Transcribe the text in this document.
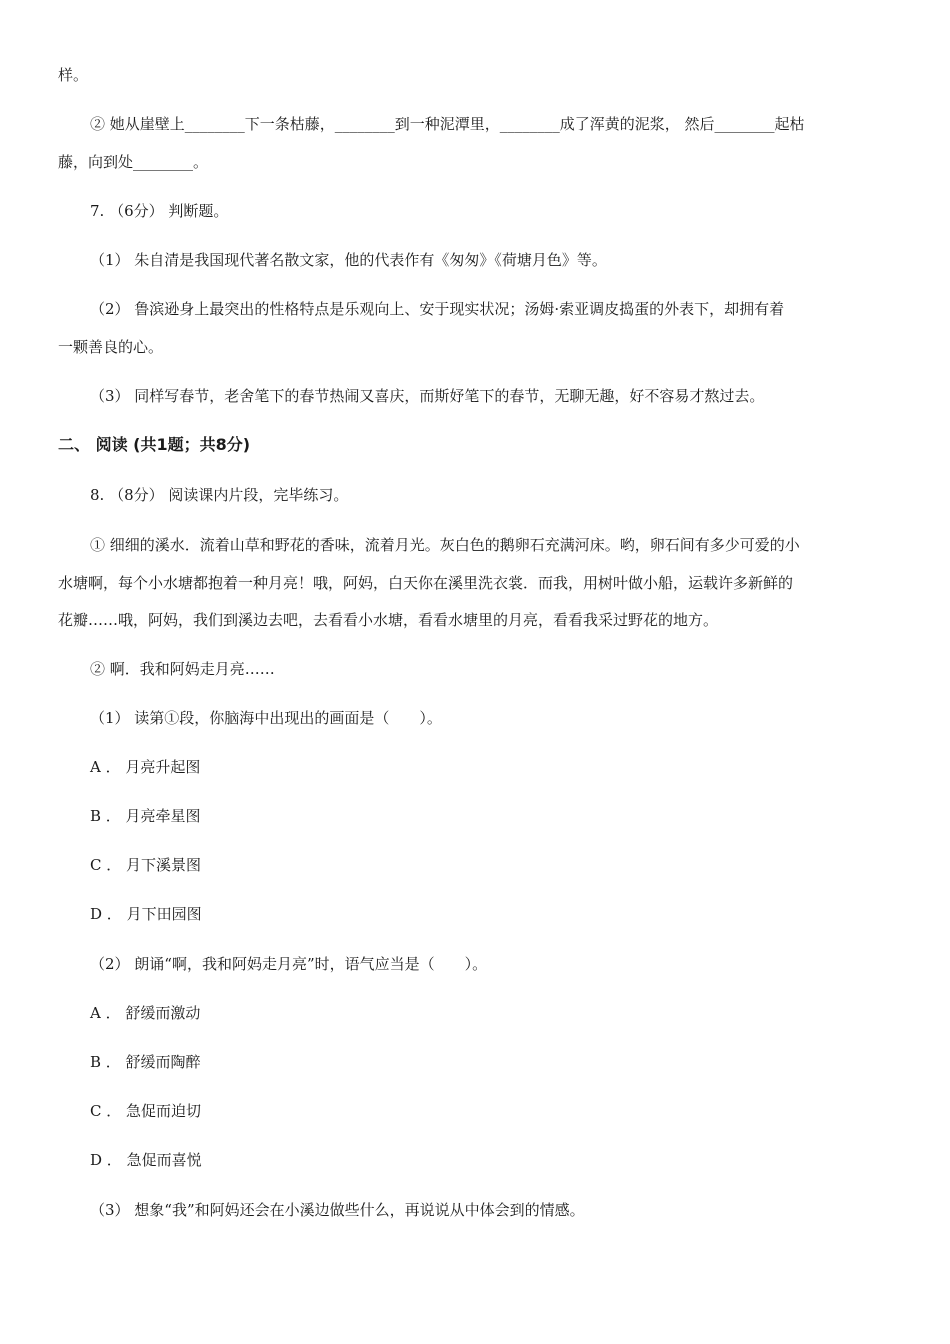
样。
② 她从崖壁上________下一条枯藤，________到一种泥潭里，________成了浑黄的泥浆， 然后________起枯
藤，向到处________。
7. （6分） 判断题。
（1） 朱自清是我国现代著名散文家，他的代表作有《匆匆》《荷塘月色》等。
（2） 鲁滨逊身上最突出的性格特点是乐观向上、安于现实状况；汤姆·索亚调皮捣蛋的外表下，却拥有着
一颗善良的心。
（3） 同样写春节，老舍笔下的春节热闹又喜庆，而斯妤笔下的春节，无聊无趣，好不容易才熬过去。
二、 阅读 (共1题；共8分)
8. （8分） 阅读课内片段，完毕练习。
① 细细的溪水．流着山草和野花的香味，流着月光。灰白色的鹅卵石充满河床。哟，卵石间有多少可爱的小
水塘啊，每个小水塘都抱着一种月亮！哦，阿妈，白天你在溪里洗衣裳．而我，用树叶做小船，运载许多新鲜的
花瓣……哦，阿妈，我们到溪边去吧，去看看小水塘，看看水塘里的月亮，看看我采过野花的地方。
② 啊．我和阿妈走月亮……
（1） 读第①段，你脑海中出现出的画面是（　　）。
A ． 月亮升起图
B ． 月亮牵星图
C ． 月下溪景图
D ． 月下田园图
（2） 朗诵“啊，我和阿妈走月亮”时，语气应当是（　　）。
A ． 舒缓而激动
B ． 舒缓而陶醉
C ． 急促而迫切
D ． 急促而喜悦
（3） 想象“我”和阿妈还会在小溪边做些什么，再说说从中体会到的情感。
